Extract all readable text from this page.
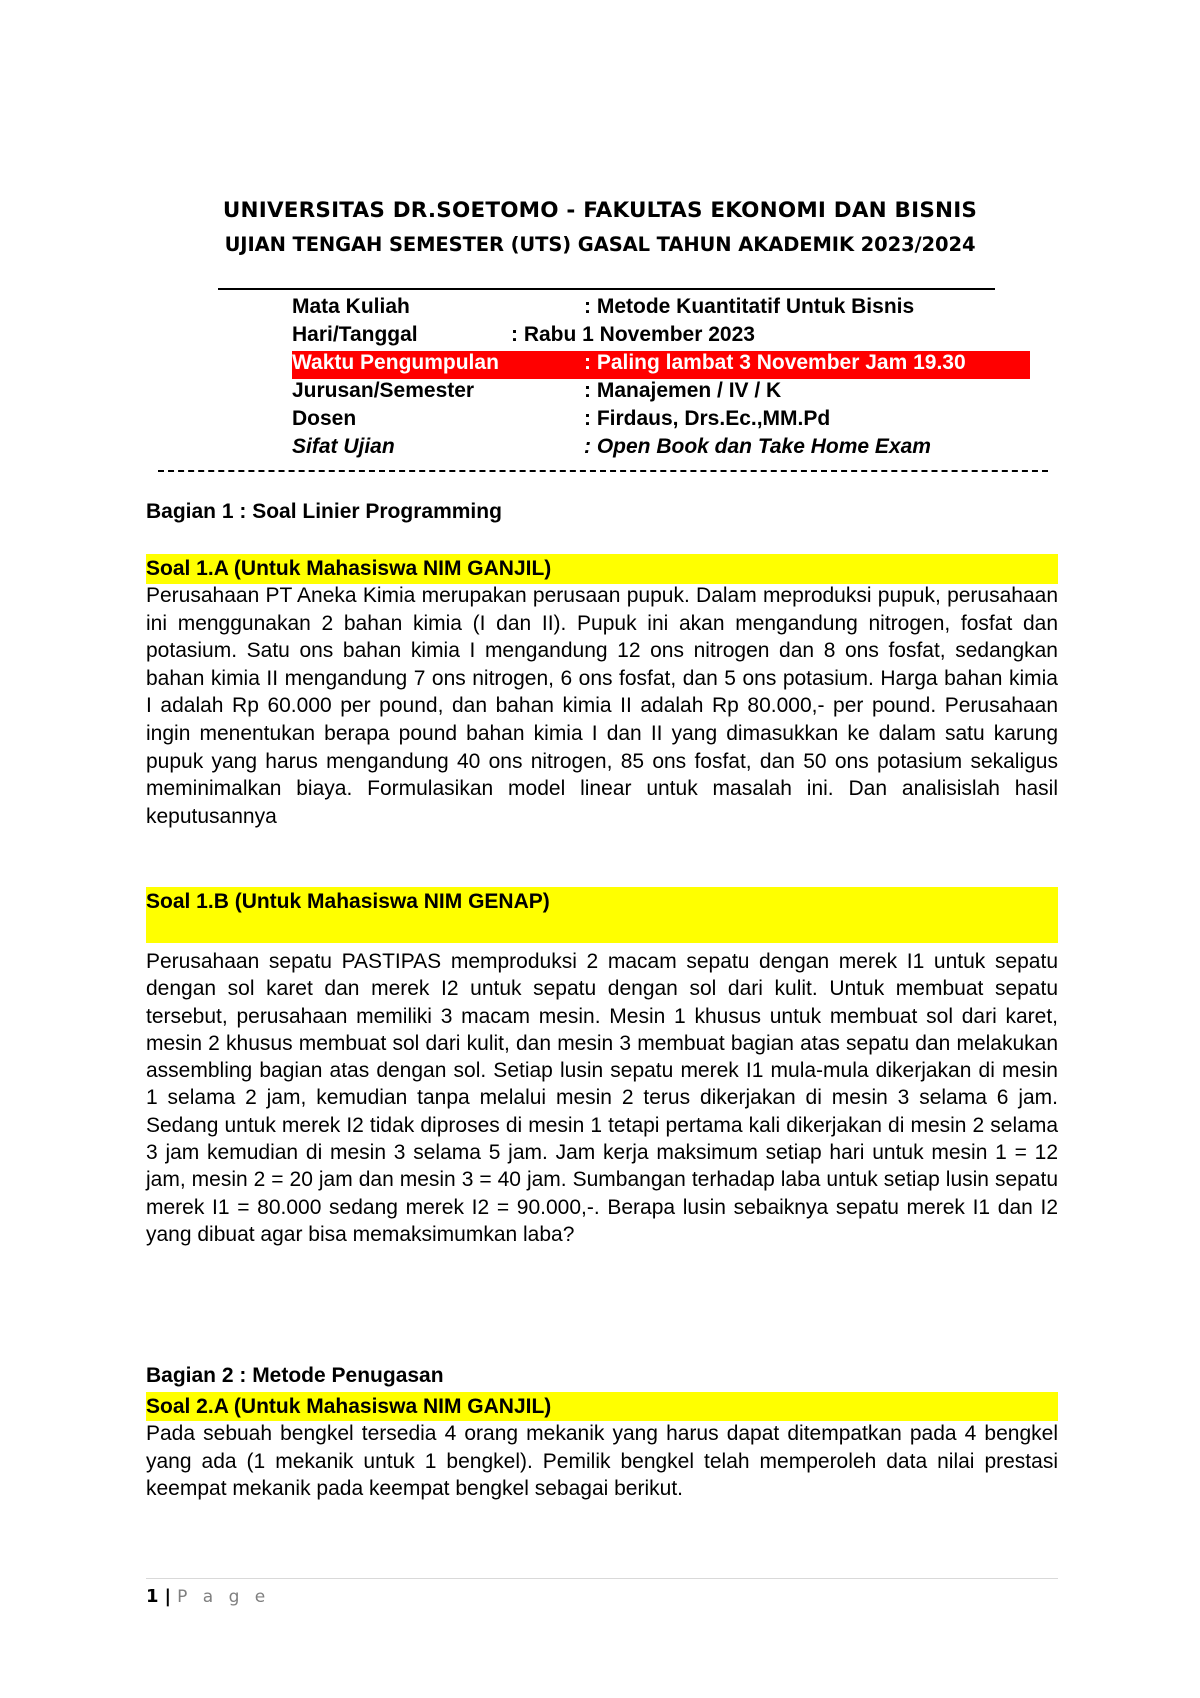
UNIVERSITAS DR.SOETOMO - FAKULTAS EKONOMI DAN BISNIS
UJIAN TENGAH SEMESTER (UTS) GASAL TAHUN AKADEMIK 2023/2024
Mata Kuliah	: Metode Kuantitatif Untuk Bisnis
Hari/Tanggal	: Rabu 1 November 2023
Waktu Pengumpulan	: Paling lambat 3 November Jam 19.30
Jurusan/Semester	: Manajemen / IV / K
Dosen	: Firdaus, Drs.Ec.,MM.Pd
Sifat Ujian	: Open Book dan Take Home Exam
Bagian 1 : Soal Linier Programming
Soal 1.A (Untuk Mahasiswa NIM GANJIL)
Perusahaan PT Aneka Kimia merupakan perusaan pupuk. Dalam meproduksi pupuk, perusahaan ini menggunakan 2 bahan kimia (I dan II). Pupuk ini akan mengandung nitrogen, fosfat dan potasium. Satu ons bahan kimia I mengandung 12 ons nitrogen dan 8 ons fosfat, sedangkan bahan kimia II mengandung 7 ons nitrogen, 6 ons fosfat, dan 5 ons potasium. Harga bahan kimia I adalah Rp 60.000 per pound, dan bahan kimia II adalah Rp 80.000,- per pound. Perusahaan ingin menentukan berapa pound bahan kimia I dan II yang dimasukkan ke dalam satu karung pupuk yang harus mengandung 40 ons nitrogen, 85 ons fosfat, dan 50 ons potasium sekaligus meminimalkan biaya. Formulasikan model linear untuk masalah ini. Dan analisislah hasil keputusannya
Soal 1.B (Untuk Mahasiswa NIM GENAP)
Perusahaan sepatu PASTIPAS memproduksi 2 macam sepatu dengan merek I1 untuk sepatu dengan sol karet dan merek I2 untuk sepatu dengan sol dari kulit. Untuk membuat sepatu tersebut, perusahaan memiliki 3 macam mesin. Mesin 1 khusus untuk membuat sol dari karet, mesin 2 khusus membuat sol dari kulit, dan mesin 3 membuat bagian atas sepatu dan melakukan assembling bagian atas dengan sol. Setiap lusin sepatu merek I1 mula-mula dikerjakan di mesin 1 selama 2 jam, kemudian tanpa melalui mesin 2 terus dikerjakan di mesin 3 selama 6 jam. Sedang untuk merek I2 tidak diproses di mesin 1 tetapi pertama kali dikerjakan di mesin 2 selama 3 jam kemudian di mesin 3 selama 5 jam. Jam kerja maksimum setiap hari untuk mesin 1 = 12 jam, mesin 2 = 20 jam dan mesin 3 = 40 jam. Sumbangan terhadap laba untuk setiap lusin sepatu merek I1 = 80.000 sedang merek I2 = 90.000,-. Berapa lusin sebaiknya sepatu merek I1 dan I2 yang dibuat agar bisa memaksimumkan laba?
Bagian 2 : Metode Penugasan
Soal 2.A (Untuk Mahasiswa NIM GANJIL)
Pada sebuah bengkel tersedia 4 orang mekanik yang harus dapat ditempatkan pada 4 bengkel yang ada (1 mekanik untuk 1 bengkel). Pemilik bengkel telah memperoleh data nilai prestasi keempat mekanik pada keempat bengkel sebagai berikut.
1 | P a g e
